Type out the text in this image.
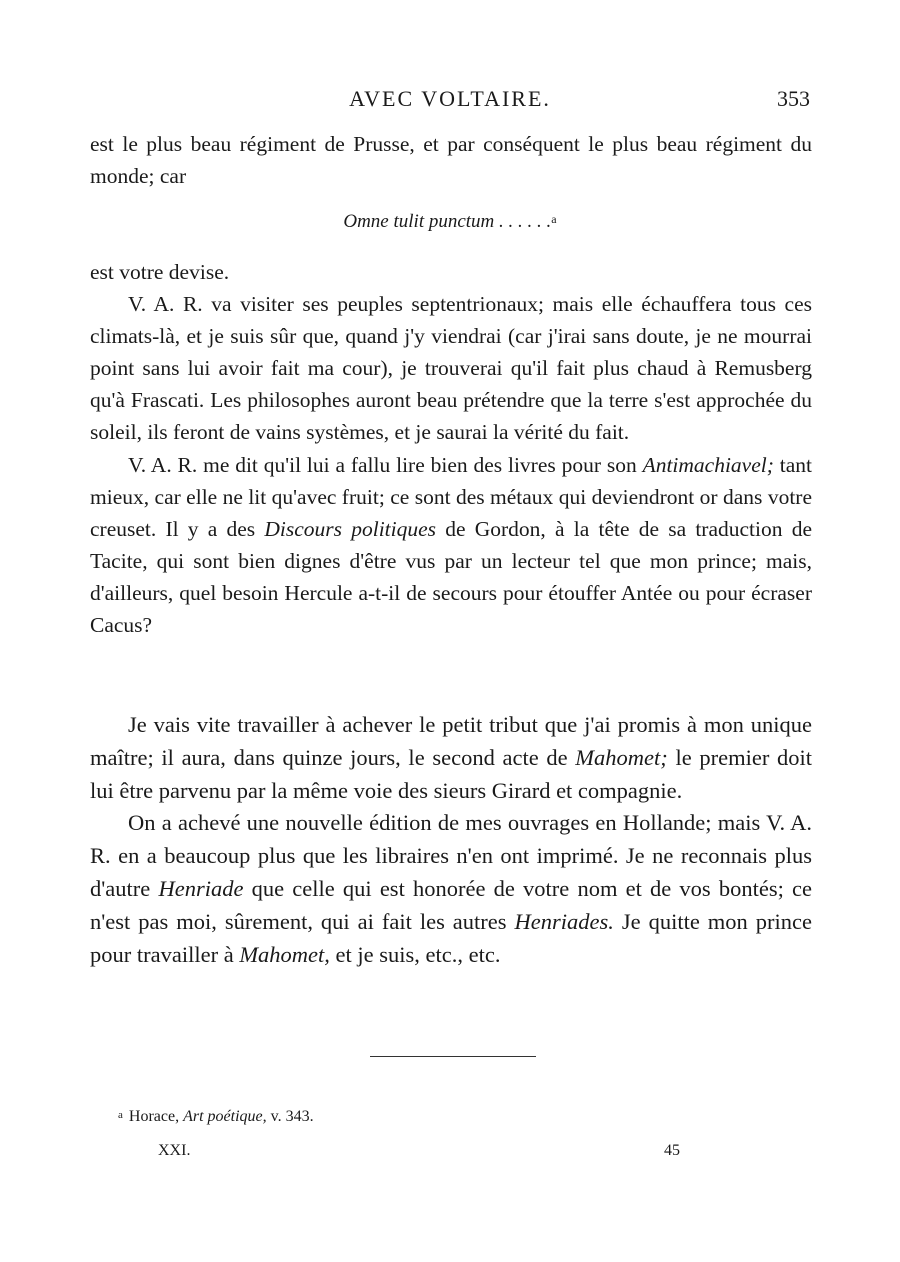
AVEC VOLTAIRE.	353

est le plus beau régiment de Prusse, et par conséquent le plus beau régiment du monde; car

Omne tulit punctum . . . . . .$^a$

est votre devise.

V. A. R. va visiter ses peuples septentrionaux; mais elle échauffera tous ces climats-là, et je suis sûr que, quand j'y viendrai (car j'irai sans doute, je ne mourrai point sans lui avoir fait ma cour), je trouverai qu'il fait plus chaud à Remusberg qu'à Frascati. Les philosophes auront beau prétendre que la terre s'est approchée du soleil, ils feront de vains systèmes, et je saurai la vérité du fait.

V. A. R. me dit qu'il lui a fallu lire bien des livres pour son Antimachiavel; tant mieux, car elle ne lit qu'avec fruit; ce sont des métaux qui deviendront or dans votre creuset. Il y a des Discours politiques de Gordon, à la tête de sa traduction de Tacite, qui sont bien dignes d'être vus par un lecteur tel que mon prince; mais, d'ailleurs, quel besoin Hercule a-t-il de secours pour étouffer Antée ou pour écraser Cacus?

Je vais vite travailler à achever le petit tribut que j'ai promis à mon unique maître; il aura, dans quinze jours, le second acte de Mahomet; le premier doit lui être parvenu par la même voie des sieurs Girard et compagnie.

On a achevé une nouvelle édition de mes ouvrages en Hollande; mais V. A. R. en a beaucoup plus que les libraires n'en ont imprimé. Je ne reconnais plus d'autre Henriade que celle qui est honorée de votre nom et de vos bontés; ce n'est pas moi, sûrement, qui ai fait les autres Henriades. Je quitte mon prince pour travailler à Mahomet, et je suis, etc., etc.

a Horace, Art poétique, v. 343.
XXI.	45
